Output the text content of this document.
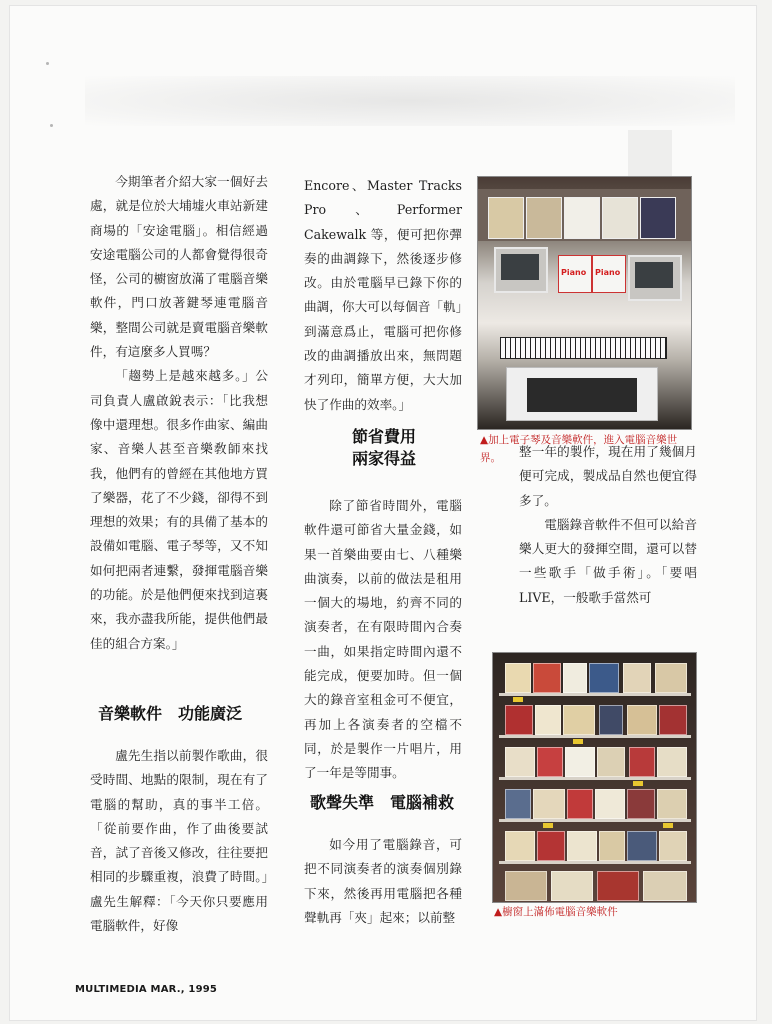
今期筆者介紹大家一個好去處，就是位於大埔墟火車站新建商場的「安途電腦」。相信經過安途電腦公司的人都會覺得很奇怪，公司的櫥窗放滿了電腦音樂軟件，門口放著鍵琴連電腦音樂，整間公司就是賣電腦音樂軟件，有這麼多人買嗎？

「趨勢上是越來越多。」公司負責人盧啟銳表示：「比我想像中還理想。很多作曲家、編曲家、音樂人甚至音樂敎師來找我，他們有的曾經在其他地方買了樂器，花了不少錢，卻得不到理想的效果；有的具備了基本的設備如電腦、電子琴等，又不知如何把兩者連繫，發揮電腦音樂的功能。於是他們便來找到這裏來，我亦盡我所能，提供他們最佳的組合方案。」

音樂軟件　功能廣泛

盧先生指以前製作歌曲，很受時間、地點的限制，現在有了電腦的幫助，真的事半工倍。「從前要作曲，作了曲後要試音，試了音後又修改，往往要把相同的步驟重複，浪費了時間。」盧先生解釋：「今天你只要應用電腦軟件，好像

Encore、Master Tracks Pro、Performer Cakewalk 等，便可把你彈奏的曲調錄下，然後逐步修改。由於電腦早已錄下你的曲調，你大可以每個音「軌」到滿意爲止，電腦可把你修改的曲調播放出來，無問題才列印，簡單方便，大大加快了作曲的效率。」

節省費用
兩家得益

除了節省時間外，電腦軟件還可節省大量金錢，如果一首樂曲要由七、八種樂曲演奏，以前的做法是租用一個大的場地，約齊不同的演奏者，在有限時間內合奏一曲，如果指定時間內還不能完成，便要加時。但一個大的錄音室租金可不便宜，再加上各演奏者的空檔不同，於是製作一片唱片，用了一年是等閒事。

歌聲失準　電腦補救

如今用了電腦錄音，可把不同演奏者的演奏個別錄下來，然後再用電腦把各種聲軌再「夾」起來；以前整

Piano Piano
▲加上電子琴及音樂軟件，進入電腦音樂世界。	整一年的製作，現在用了幾個月便可完成，製成品自然也便宜得多了。

電腦錄音軟件不但可以給音樂人更大的發揮空間，還可以替一些歌手「做手術」。「要唱LIVE，一般歌手當然可

▲櫥窗上滿佈電腦音樂軟件
MULTIMEDIA MAR., 1995
